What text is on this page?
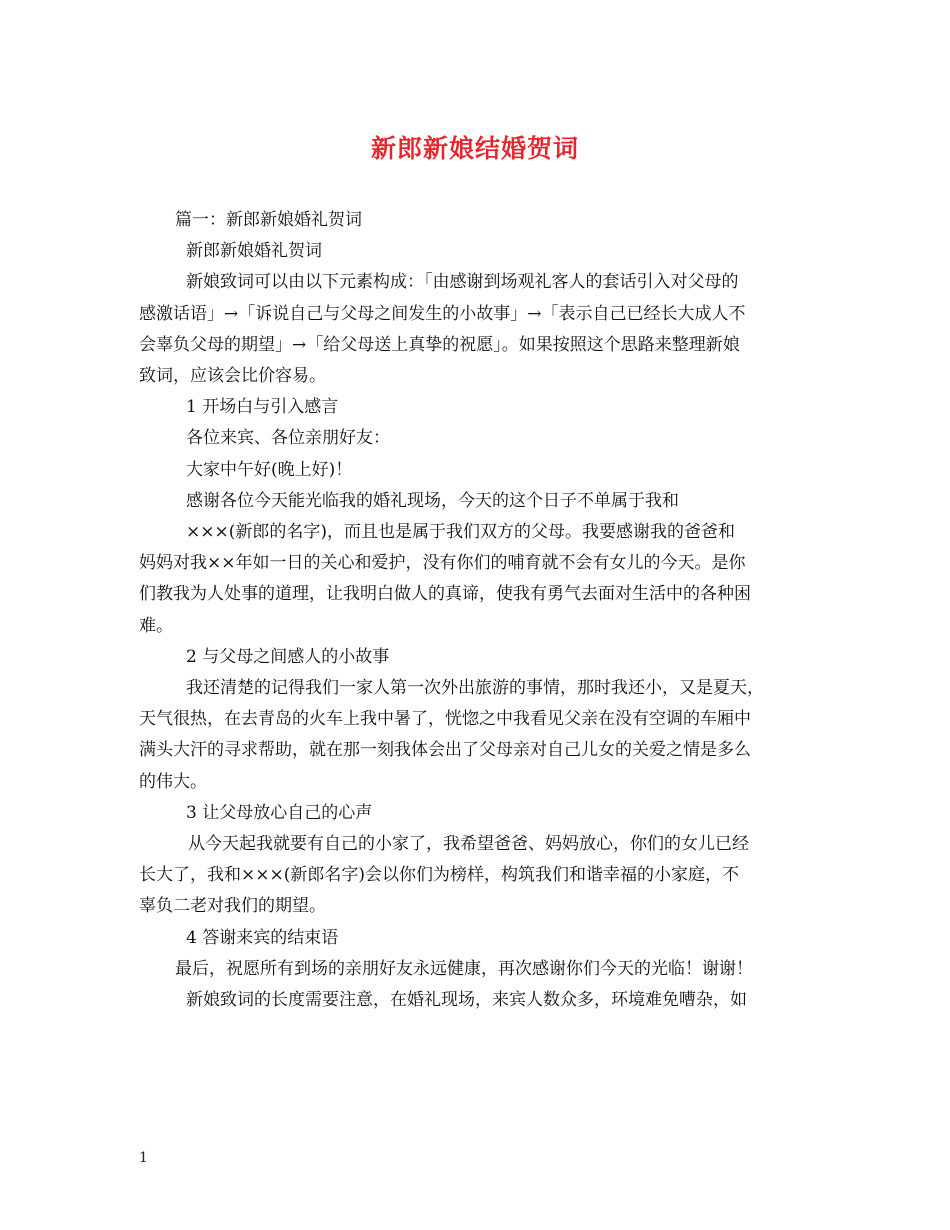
新郎新娘结婚贺词

篇一：新郎新娘婚礼贺词

新郎新娘婚礼贺词

新娘致词可以由以下元素构成：「由感谢到场观礼客人的套话引入对父母的

感激话语」→「诉说自己与父母之间发生的小故事」→「表示自己已经长大成人不

会辜负父母的期望」→「给父母送上真挚的祝愿」。如果按照这个思路来整理新娘

致词，应该会比价容易。

1 开场白与引入感言

各位来宾、各位亲朋好友：

大家中午好(晚上好)！

感谢各位今天能光临我的婚礼现场，今天的这个日子不单属于我和

×××(新郎的名字)，而且也是属于我们双方的父母。我要感谢我的爸爸和

妈妈对我××年如一日的关心和爱护，没有你们的哺育就不会有女儿的今天。是你

们教我为人处事的道理，让我明白做人的真谛，使我有勇气去面对生活中的各种困

难。

2 与父母之间感人的小故事

我还清楚的记得我们一家人第一次外出旅游的事情，那时我还小，又是夏天，

天气很热，在去青岛的火车上我中暑了，恍惚之中我看见父亲在没有空调的车厢中

满头大汗的寻求帮助，就在那一刻我体会出了父母亲对自己儿女的关爱之情是多么

的伟大。

3 让父母放心自己的心声

从今天起我就要有自己的小家了，我希望爸爸、妈妈放心，你们的女儿已经

长大了，我和×××(新郎名字)会以你们为榜样，构筑我们和谐幸福的小家庭，不

辜负二老对我们的期望。

4 答谢来宾的结束语

最后，祝愿所有到场的亲朋好友永远健康，再次感谢你们今天的光临！谢谢！

新娘致词的长度需要注意，在婚礼现场，来宾人数众多，环境难免嘈杂，如

1
